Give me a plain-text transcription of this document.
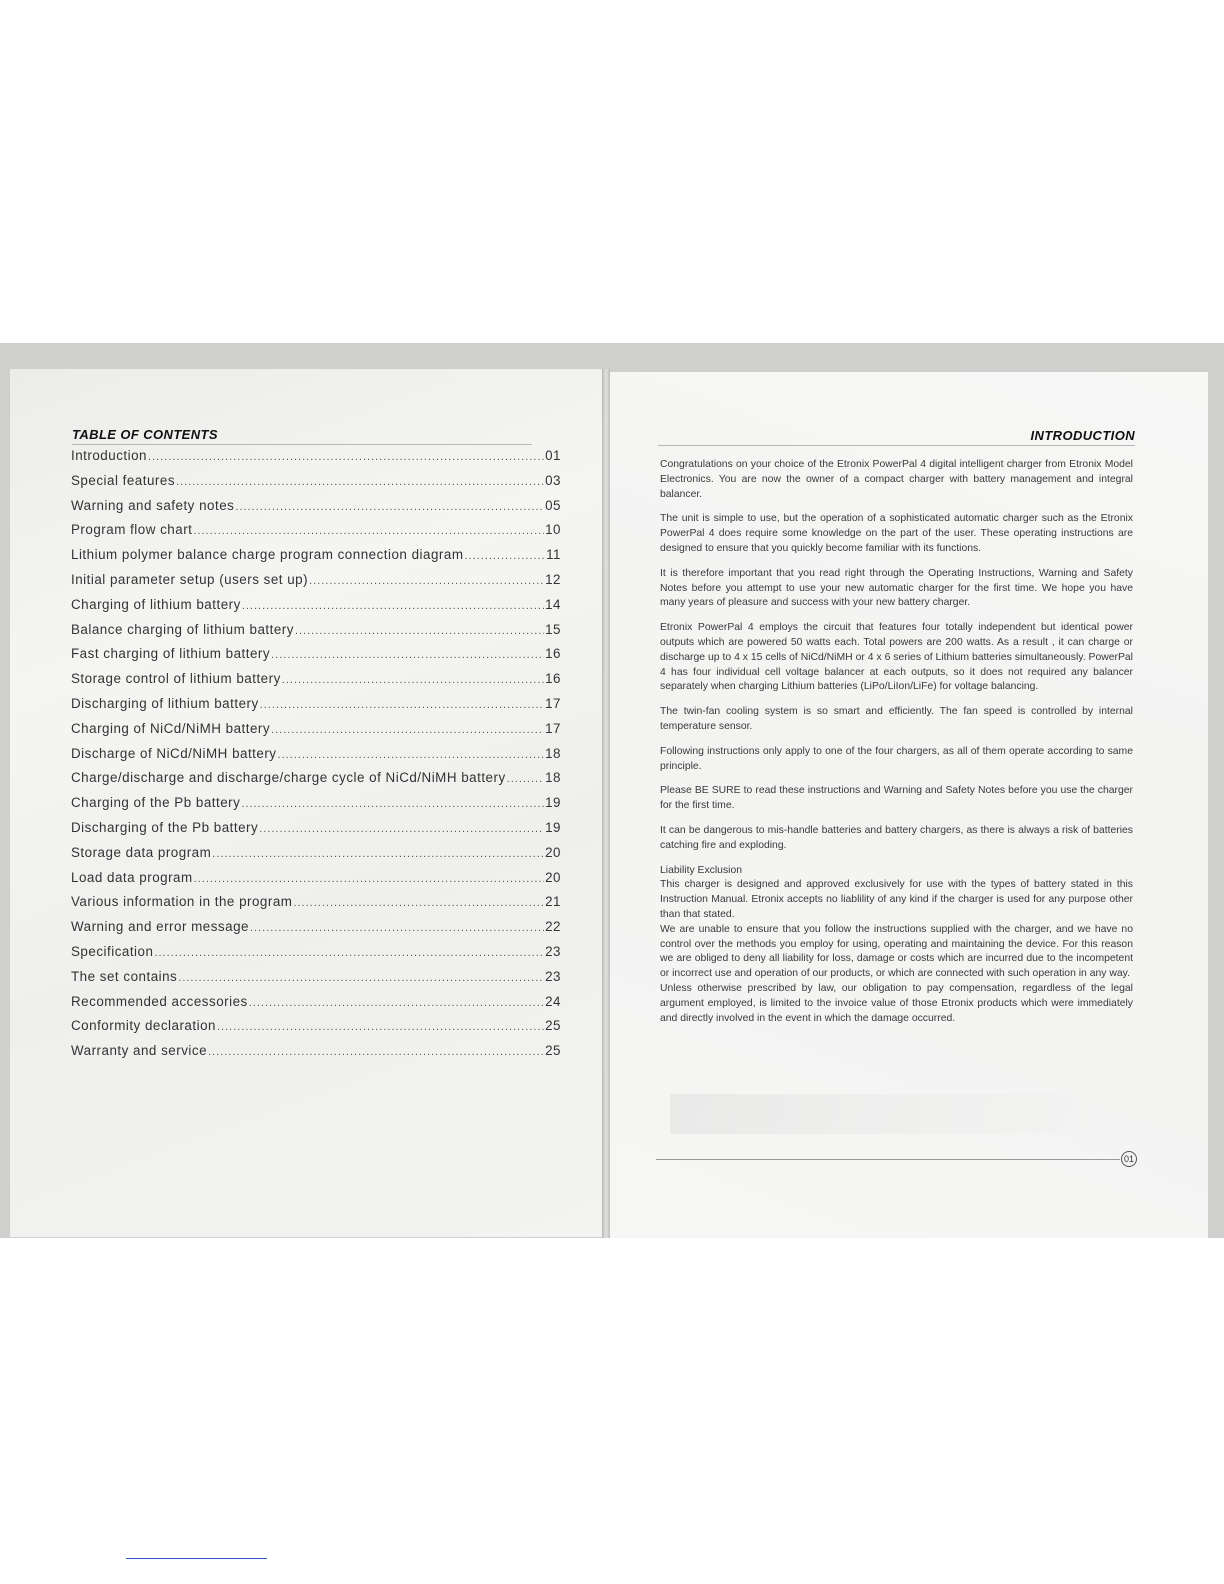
TABLE OF CONTENTS
Introduction .....	01
Special features .....	03
Warning and safety notes .....	05
Program flow chart .....	10
Lithium polymer balance charge program connection diagram .....	11
Initial parameter setup (users set up) .....	12
Charging of lithium battery .....	14
Balance charging of lithium battery .....	15
Fast charging of lithium battery .....	16
Storage control of lithium battery .....	16
Discharging of lithium battery .....	17
Charging of NiCd/NiMH battery .....	17
Discharge of NiCd/NiMH battery .....	18
Charge/discharge and discharge/charge cycle of NiCd/NiMH battery .....	18
Charging of the Pb battery .....	19
Discharging of the Pb battery .....	19
Storage data program .....	20
Load data program .....	20
Various information in the program .....	21
Warning and error message .....	22
Specification .....	23
The set contains .....	23
Recommended accessories .....	24
Conformity declaration .....	25
Warranty and service .....	25
INTRODUCTION

Congratulations on your choice of the Etronix PowerPal 4 digital intelligent charger from Etronix Model Electronics. You are now the owner of a compact charger with battery management and integral balancer.

The unit is simple to use, but the operation of a sophisticated automatic charger such as the Etronix PowerPal 4 does require some knowledge on the part of the user. These operating instructions are designed to ensure that you quickly become familiar with its functions.

It is therefore important that you read right through the Operating Instructions, Warning and Safety Notes before you attempt to use your new automatic charger for the first time. We hope you have many years of pleasure and success with your new battery charger.

Etronix PowerPal 4 employs the circuit that features four totally independent but identical power outputs which are powered 50 watts each. Total powers are 200 watts. As a result , it can charge or discharge up to 4 x 15 cells of NiCd/NiMH or 4 x 6 series of Lithium batteries simultaneously. PowerPal 4 has four individual cell voltage balancer at each outputs, so it does not required any balancer separately when charging Lithium batteries (LiPo/LiIon/LiFe) for voltage balancing.

The twin-fan cooling system is so smart and efficiently. The fan speed is controlled by internal temperature sensor.

Following instructions only apply to one of the four chargers, as all of them operate according to same principle.

Please BE SURE to read these instructions and Warning and Safety Notes before you use the charger for the first time.

It can be dangerous to mis-handle batteries and battery chargers, as there is always a risk of batteries catching fire and exploding.

Liability Exclusion
This charger is designed and approved exclusively for use with the types of battery stated in this Instruction Manual. Etronix accepts no liablility of any kind if the charger is used for any purpose other than that stated.
We are unable to ensure that you follow the instructions supplied with the charger, and we have no control over the methods you employ for using, operating and maintaining the device. For this reason we are obliged to deny all liability for loss, damage or costs which are incurred due to the incompetent or incorrect use and operation of our products, or which are connected with such operation in any way.
Unless otherwise prescribed by law, our obligation to pay compensation, regardless of the legal argument employed, is limited to the invoice value of those Etronix products which were immediately and directly involved in the event in which the damage occurred.
01
